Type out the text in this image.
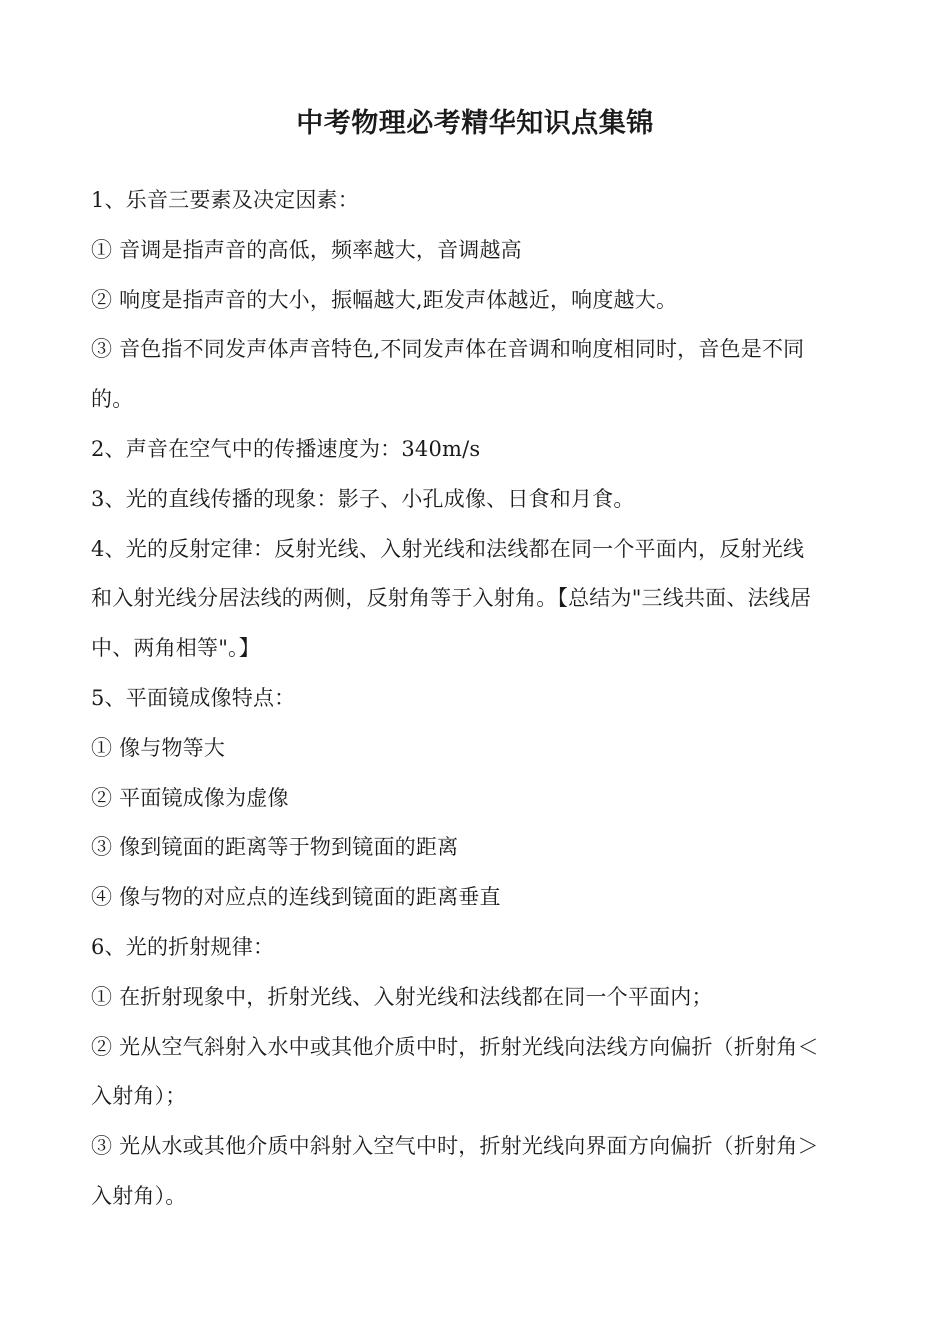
中考物理必考精华知识点集锦
1、乐音三要素及决定因素：
① 音调是指声音的高低，频率越大，音调越高
② 响度是指声音的大小，振幅越大,距发声体越近，响度越大。
③ 音色指不同发声体声音特色,不同发声体在音调和响度相同时，音色是不同
的。
2、声音在空气中的传播速度为：340m/s
3、光的直线传播的现象：影子、小孔成像、日食和月食。
4、光的反射定律：反射光线、入射光线和法线都在同一个平面内，反射光线
和入射光线分居法线的两侧，反射角等于入射角。【总结为"三线共面、法线居
中、两角相等"。】
5、平面镜成像特点：
① 像与物等大
② 平面镜成像为虚像
③ 像到镜面的距离等于物到镜面的距离
④ 像与物的对应点的连线到镜面的距离垂直
6、光的折射规律：
① 在折射现象中，折射光线、入射光线和法线都在同一个平面内；
② 光从空气斜射入水中或其他介质中时，折射光线向法线方向偏折（折射角＜
入射角）；
③ 光从水或其他介质中斜射入空气中时，折射光线向界面方向偏折（折射角＞
入射角）。
